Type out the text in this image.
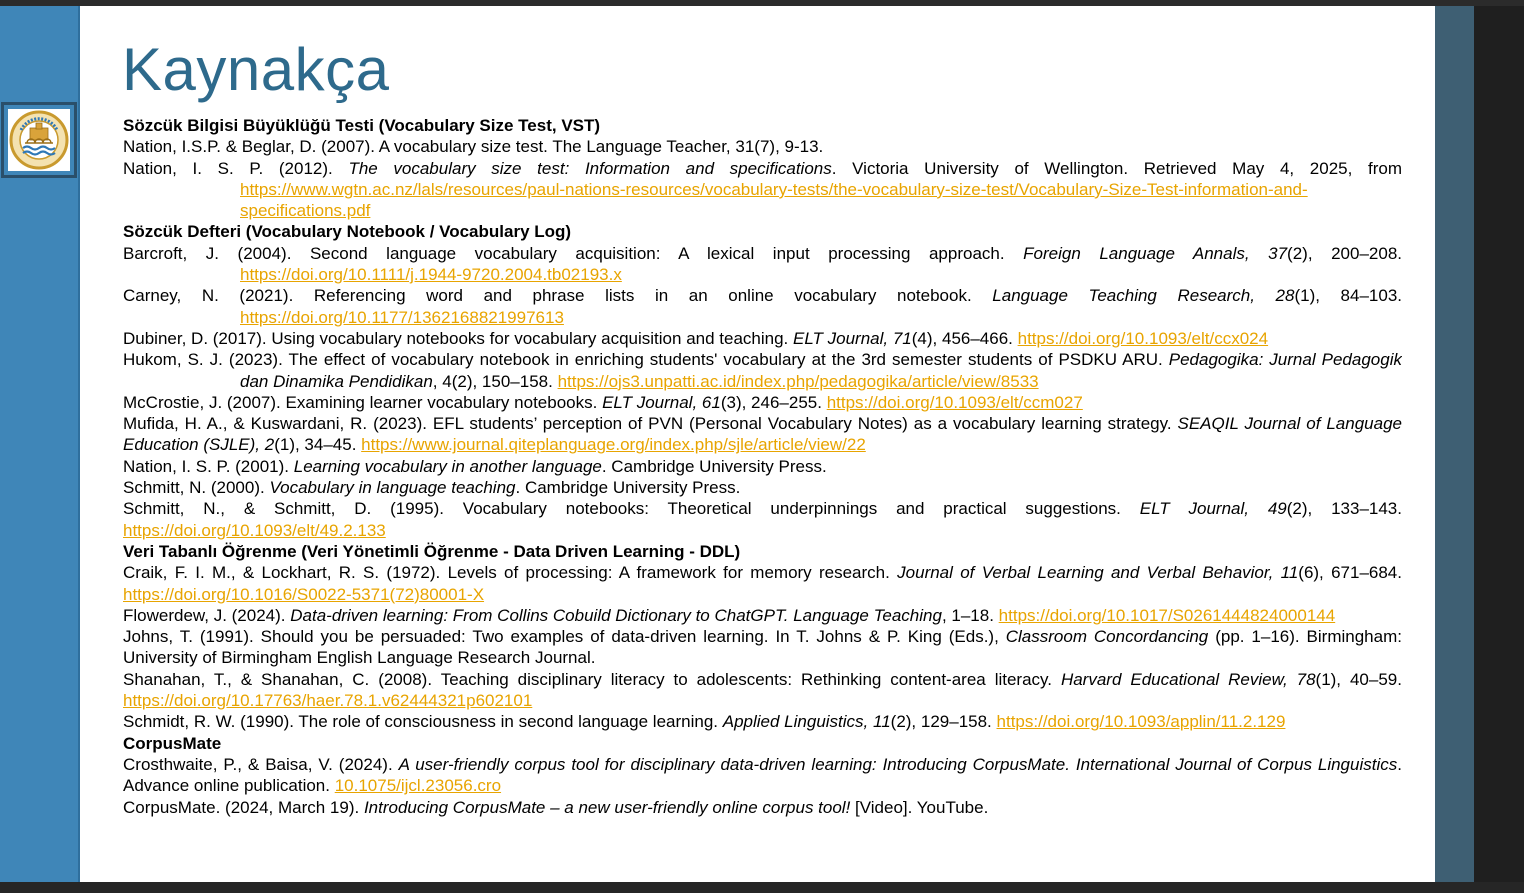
Kaynakça

Sözcük Bilgisi Büyüklüğü Testi (Vocabulary Size Test, VST)

Nation, I.S.P. & Beglar, D. (2007). A vocabulary size test. The Language Teacher, 31(7), 9-13.

Nation, I. S. P. (2012). The vocabulary size test: Information and specifications. Victoria University of Wellington. Retrieved May 4, 2025, from https://www.wgtn.ac.nz/lals/resources/paul-nations-resources/vocabulary-tests/the-vocabulary-size-test/Vocabulary-Size-Test-information-and-specifications.pdf

Sözcük Defteri (Vocabulary Notebook / Vocabulary Log)

Barcroft, J. (2004). Second language vocabulary acquisition: A lexical input processing approach. Foreign Language Annals, 37(2), 200–208. https://doi.org/10.1111/j.1944-9720.2004.tb02193.x

Carney, N. (2021). Referencing word and phrase lists in an online vocabulary notebook. Language Teaching Research, 28(1), 84–103. https://doi.org/10.1177/1362168821997613

Dubiner, D. (2017). Using vocabulary notebooks for vocabulary acquisition and teaching. ELT Journal, 71(4), 456–466. https://doi.org/10.1093/elt/ccx024

Hukom, S. J. (2023). The effect of vocabulary notebook in enriching students' vocabulary at the 3rd semester students of PSDKU ARU. Pedagogika: Jurnal Pedagogik dan Dinamika Pendidikan, 4(2), 150–158. https://ojs3.unpatti.ac.id/index.php/pedagogika/article/view/8533

McCrostie, J. (2007). Examining learner vocabulary notebooks. ELT Journal, 61(3), 246–255. https://doi.org/10.1093/elt/ccm027

Mufida, H. A., & Kuswardani, R. (2023). EFL students’ perception of PVN (Personal Vocabulary Notes) as a vocabulary learning strategy. SEAQIL Journal of Language Education (SJLE), 2(1), 34–45. https://www.journal.qiteplanguage.org/index.php/sjle/article/view/22

Nation, I. S. P. (2001). Learning vocabulary in another language. Cambridge University Press.

Schmitt, N. (2000). Vocabulary in language teaching. Cambridge University Press.

Schmitt, N., & Schmitt, D. (1995). Vocabulary notebooks: Theoretical underpinnings and practical suggestions. ELT Journal, 49(2), 133–143. https://doi.org/10.1093/elt/49.2.133

Veri Tabanlı Öğrenme (Veri Yönetimli Öğrenme - Data Driven Learning - DDL)

Craik, F. I. M., & Lockhart, R. S. (1972). Levels of processing: A framework for memory research. Journal of Verbal Learning and Verbal Behavior, 11(6), 671–684. https://doi.org/10.1016/S0022-5371(72)80001-X

Flowerdew, J. (2024). Data-driven learning: From Collins Cobuild Dictionary to ChatGPT. Language Teaching, 1–18. https://doi.org/10.1017/S0261444824000144

Johns, T. (1991). Should you be persuaded: Two examples of data-driven learning. In T. Johns & P. King (Eds.), Classroom Concordancing (pp. 1–16). Birmingham: University of Birmingham English Language Research Journal.

Shanahan, T., & Shanahan, C. (2008). Teaching disciplinary literacy to adolescents: Rethinking content-area literacy. Harvard Educational Review, 78(1), 40–59. https://doi.org/10.17763/haer.78.1.v62444321p602101

Schmidt, R. W. (1990). The role of consciousness in second language learning. Applied Linguistics, 11(2), 129–158. https://doi.org/10.1093/applin/11.2.129

CorpusMate

Crosthwaite, P., & Baisa, V. (2024). A user-friendly corpus tool for disciplinary data-driven learning: Introducing CorpusMate. International Journal of Corpus Linguistics. Advance online publication. 10.1075/ijcl.23056.cro

CorpusMate. (2024, March 19). Introducing CorpusMate – a new user-friendly online corpus tool! [Video]. YouTube.
